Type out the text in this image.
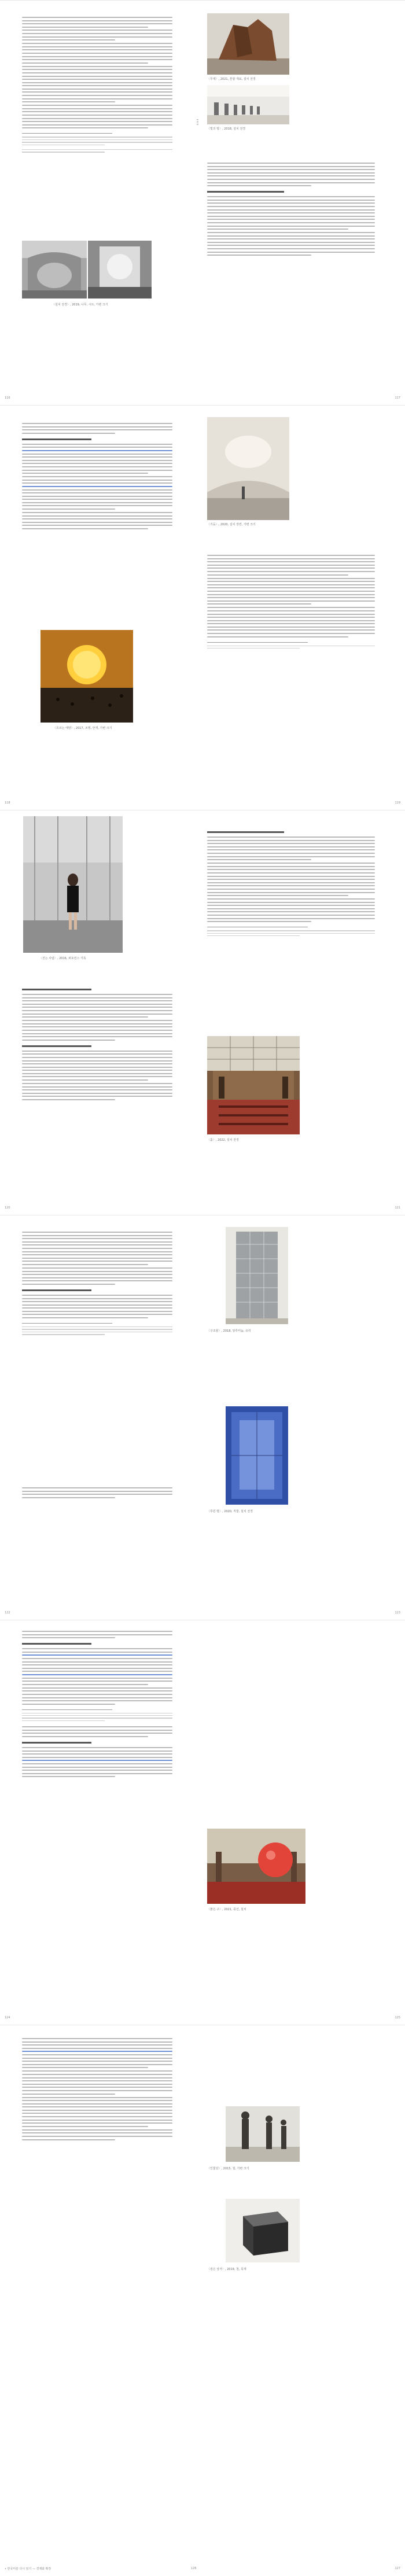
〈설치 전경〉, 2019, 나무, 시트, 가변 크기
116
〈무제〉, 2021, 혼합 재료, 설치 전경
〈빛의 방〉, 2018, 설치 전경
117
〈흐르는 태양〉, 2017, 조명, 안개, 가변 크기
118
〈기둥〉, 2020, 설치 장면, 가변 크기
119
〈걷는 사람〉, 2016, 퍼포먼스 기록
120
〈홀〉, 2022, 설치 전경
121
122
〈구조물〉, 2018, 알루미늄, 유리
〈푸른 방〉, 2020, 직물, 설치 전경
123
124
〈붉은 구〉, 2021, 풍선, 설치
125
• 한국미술 다시 읽기 — 경계와 확장
〈인물상〉, 2015, 철, 가변 크기
〈검은 상자〉, 2019, 철, 목재
127
126
